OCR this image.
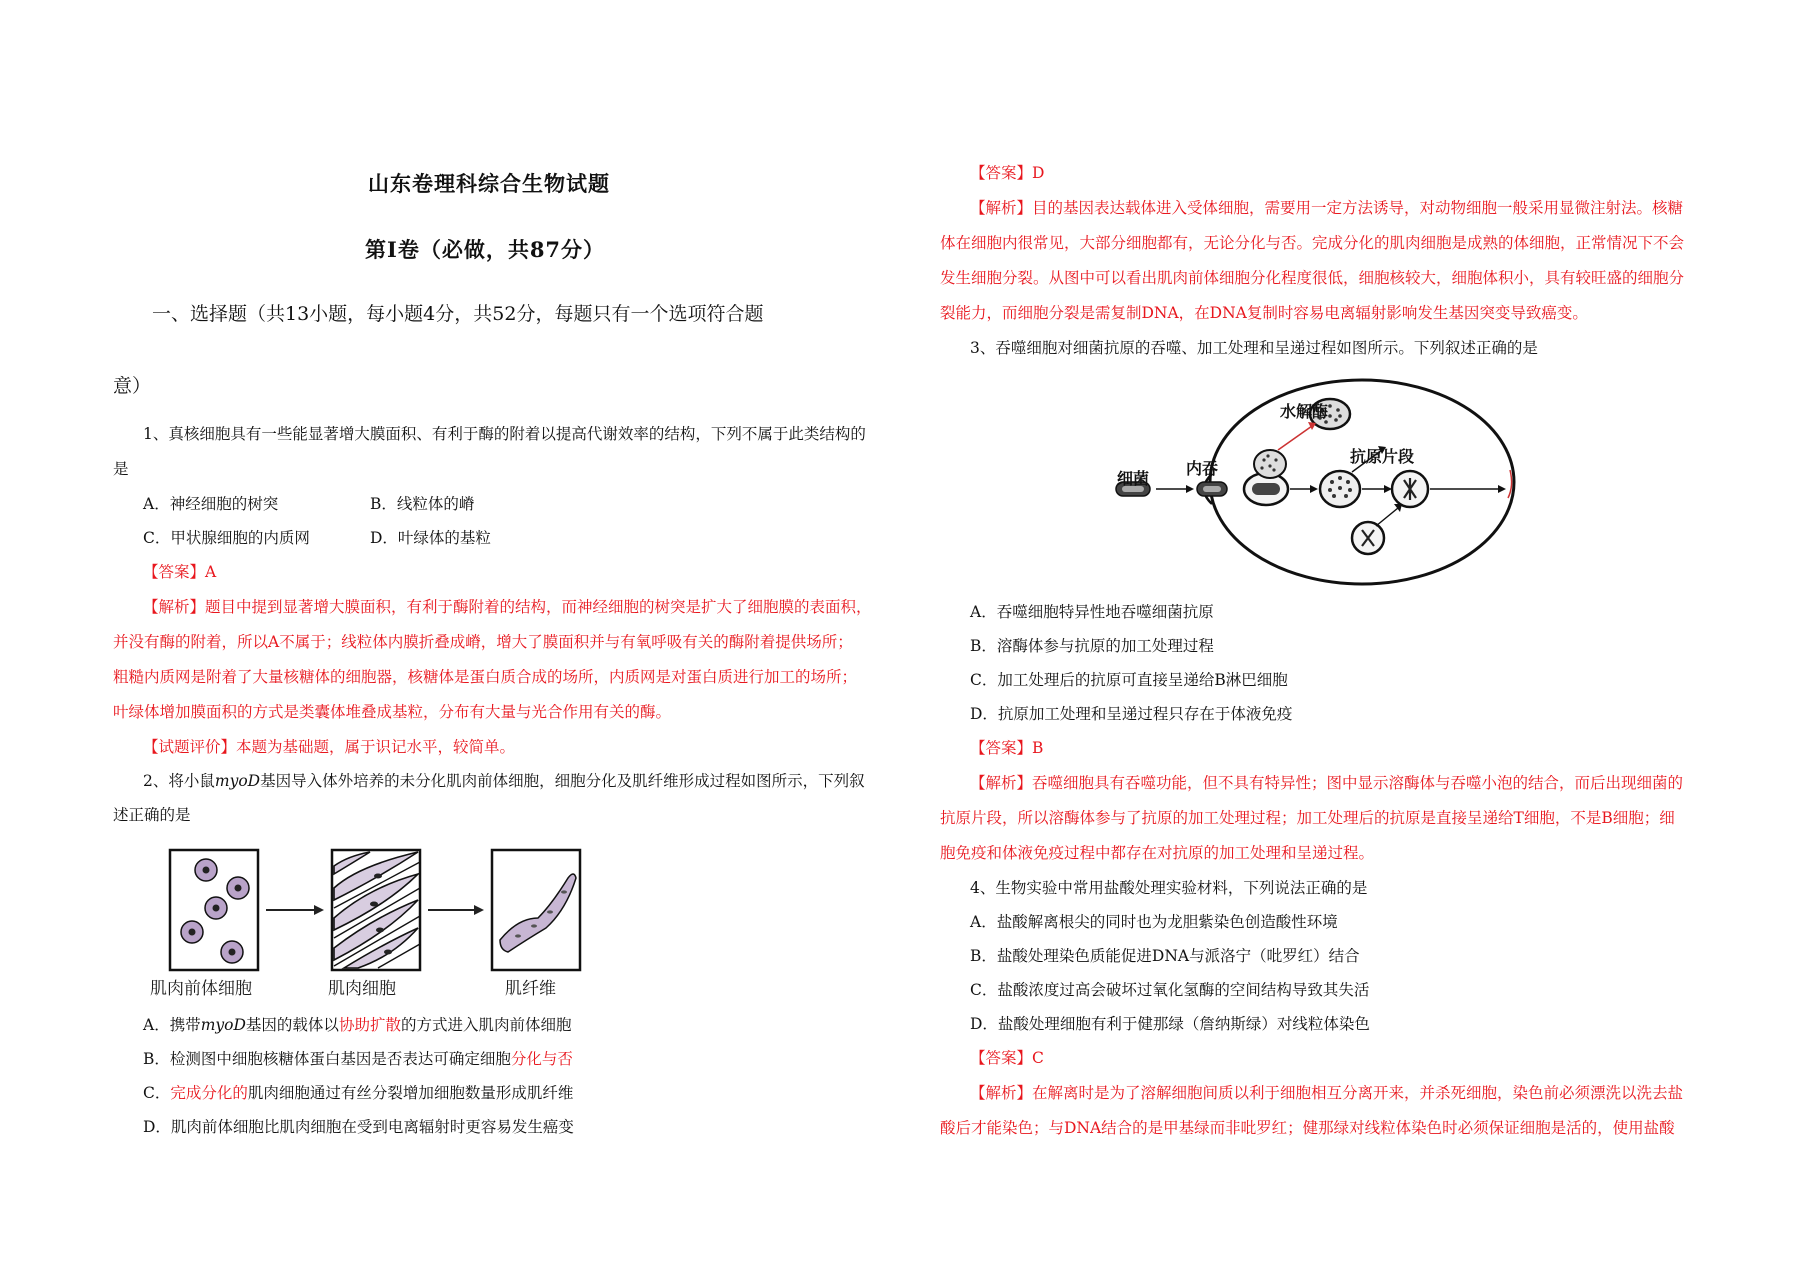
山东卷理科综合生物试题
第I卷（必做，共87分）
一、选择题（共13小题，每小题4分，共52分，每题只有一个选项符合题
意）
1、真核细胞具有一些能显著增大膜面积、有利于酶的附着以提高代谢效率的结构，下列不属于此类结构的
是
A．神经细胞的树突	B．线粒体的嵴
C．甲状腺细胞的内质网	D．叶绿体的基粒
【答案】A
【解析】题目中提到显著增大膜面积，有利于酶附着的结构，而神经细胞的树突是扩大了细胞膜的表面积，
并没有酶的附着，所以A不属于；线粒体内膜折叠成嵴，增大了膜面积并与有氧呼吸有关的酶附着提供场所；
粗糙内质网是附着了大量核糖体的细胞器，核糖体是蛋白质合成的场所，内质网是对蛋白质进行加工的场所；
叶绿体增加膜面积的方式是类囊体堆叠成基粒，分布有大量与光合作用有关的酶。
【试题评价】本题为基础题，属于识记水平，较简单。
2、将小鼠myoD基因导入体外培养的未分化肌肉前体细胞，细胞分化及肌纤维形成过程如图所示，下列叙
述正确的是
肌肉前体细胞	肌肉细胞	肌纤维
A．携带myoD基因的载体以协助扩散的方式进入肌肉前体细胞
B．检测图中细胞核糖体蛋白基因是否表达可确定细胞分化与否
C．完成分化的肌肉细胞通过有丝分裂增加细胞数量形成肌纤维
D．肌肉前体细胞比肌肉细胞在受到电离辐射时更容易发生癌变
【答案】D
【解析】目的基因表达载体进入受体细胞，需要用一定方法诱导，对动物细胞一般采用显微注射法。核糖
体在细胞内很常见，大部分细胞都有，无论分化与否。完成分化的肌肉细胞是成熟的体细胞，正常情况下不会
发生细胞分裂。从图中可以看出肌肉前体细胞分化程度很低，细胞核较大，细胞体积小，具有较旺盛的细胞分
裂能力，而细胞分裂是需复制DNA，在DNA复制时容易电离辐射影响发生基因突变导致癌变。
3、吞噬细胞对细菌抗原的吞噬、加工处理和呈递过程如图所示。下列叙述正确的是
水解酶
细菌
内吞
抗原片段
A．吞噬细胞特异性地吞噬细菌抗原
B．溶酶体参与抗原的加工处理过程
C．加工处理后的抗原可直接呈递给B淋巴细胞
D．抗原加工处理和呈递过程只存在于体液免疫
【答案】B
【解析】吞噬细胞具有吞噬功能，但不具有特异性；图中显示溶酶体与吞噬小泡的结合，而后出现细菌的
抗原片段，所以溶酶体参与了抗原的加工处理过程；加工处理后的抗原是直接呈递给T细胞，不是B细胞；细
胞免疫和体液免疫过程中都存在对抗原的加工处理和呈递过程。
4、生物实验中常用盐酸处理实验材料，下列说法正确的是
A．盐酸解离根尖的同时也为龙胆紫染色创造酸性环境
B．盐酸处理染色质能促进DNA与派洛宁（吡罗红）结合
C．盐酸浓度过高会破坏过氧化氢酶的空间结构导致其失活
D．盐酸处理细胞有利于健那绿（詹纳斯绿）对线粒体染色
【答案】C
【解析】在解离时是为了溶解细胞间质以利于细胞相互分离开来，并杀死细胞，染色前必须漂洗以洗去盐
酸后才能染色；与DNA结合的是甲基绿而非吡罗红；健那绿对线粒体染色时必须保证细胞是活的，使用盐酸
